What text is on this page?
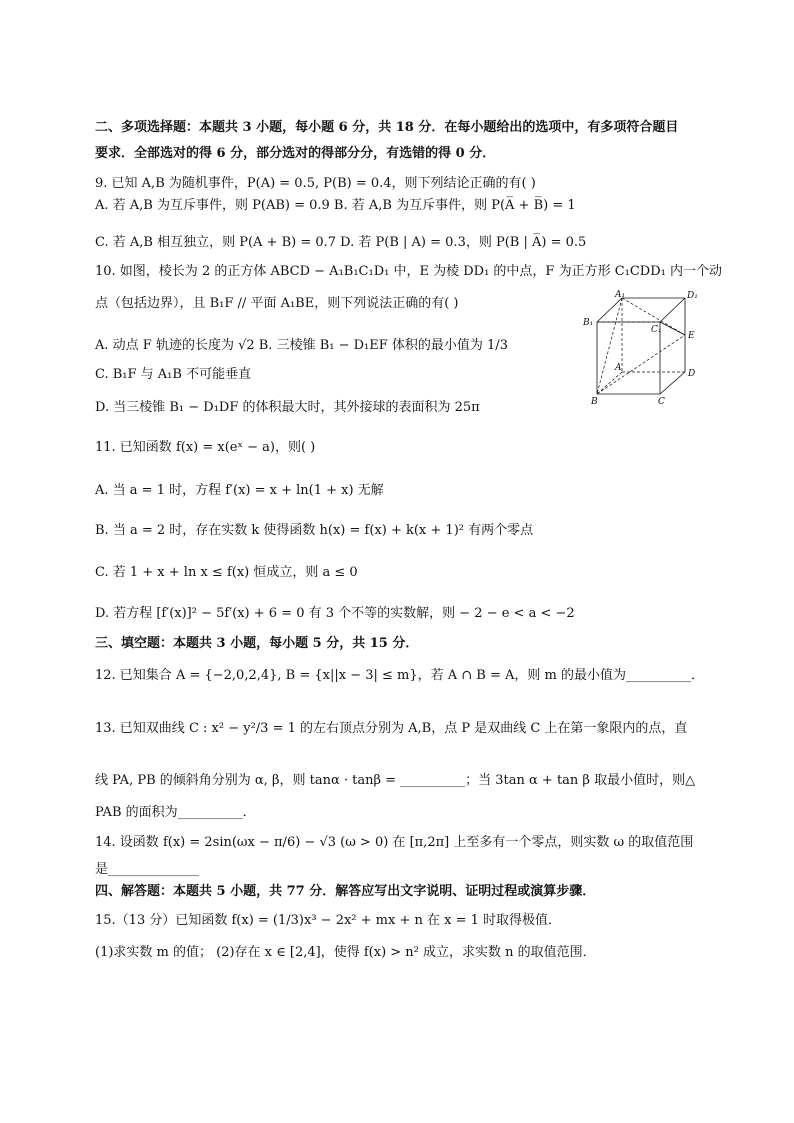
二、多项选择题：本题共 3 小题，每小题 6 分，共 18 分．在每小题给出的选项中，有多项符合题目
要求．全部选对的得 6 分，部分选对的得部分分，有选错的得 0 分．
9. 已知 A,B 为随机事件，P(A) = 0.5, P(B) = 0.4，则下列结论正确的有( )
A. 若 A,B 为互斥事件，则 P(AB) = 0.9 B. 若 A,B 为互斥事件，则 P(A̅ + B̅) = 1
C. 若 A,B 相互独立，则 P(A + B) = 0.7 D. 若 P(B | A) = 0.3，则 P(B | A̅) = 0.5
10. 如图，棱长为 2 的正方体 ABCD − A₁B₁C₁D₁ 中，E 为棱 DD₁ 的中点，F 为正方形 C₁CDD₁ 内一个动
点（包括边界），且 B₁F // 平面 A₁BE，则下列说法正确的有( )
A. 动点 F 轨迹的长度为 √2 B. 三棱锥 B₁ − D₁EF 体积的最小值为 1/3
C. B₁F 与 A₁B 不可能垂直
D. 当三棱锥 B₁ − D₁DF 的体积最大时，其外接球的表面积为 25π
11. 已知函数 f(x) = x(eˣ − a)，则( )
A. 当 a = 1 时，方程 f′(x) = x + ln(1 + x) 无解
B. 当 a = 2 时，存在实数 k 使得函数 h(x) = f(x) + k(x + 1)² 有两个零点
C. 若 1 + x + ln x ≤ f(x) 恒成立，则 a ≤ 0
D. 若方程 [f′(x)]² − 5f′(x) + 6 = 0 有 3 个不等的实数解，则 − 2 − e < a < −2
三、填空题：本题共 3 小题，每小题 5 分，共 15 分．
12. 已知集合 A = {−2,0,2,4}, B = {x||x − 3| ≤ m}，若 A ∩ B = A，则 m 的最小值为__________．
13. 已知双曲线 C : x² − y²/3 = 1 的左右顶点分别为 A,B，点 P 是双曲线 C 上在第一象限内的点，直
线 PA, PB 的倾斜角分别为 α, β，则 tanα · tanβ = __________；当 3tan α + tan β 取最小值时，则△
PAB 的面积为__________．
14. 设函数 f(x) = 2sin(ωx − π/6) − √3 (ω > 0) 在 [π,2π] 上至多有一个零点，则实数 ω 的取值范围
是______________
四、解答题：本题共 5 小题，共 77 分．解答应写出文字说明、证明过程或演算步骤．
15.（13 分）已知函数 f(x) = (1/3)x³ − 2x² + mx + n 在 x = 1 时取得极值．
(1)求实数 m 的值； (2)存在 x ∈ [2,4]，使得 f(x) > n² 成立，求实数 n 的取值范围．
A₁	D₁
B₁
C₁
E
A
D
B	C
